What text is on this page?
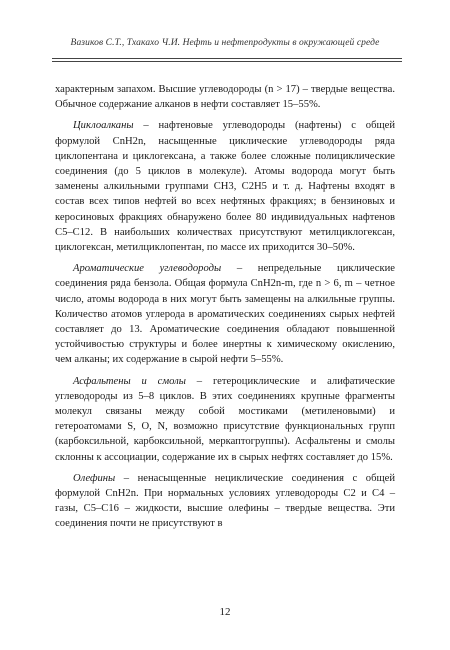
Вазиков С.Т., Тхакахо Ч.И. Нефть и нефтепродукты в окружающей среде

характерным запахом. Высшие углеводороды (n > 17) – твердые вещества. Обычное содержание алканов в нефти составляет 15–55%.

Циклоалканы – нафтеновые углеводороды (нафтены) с общей формулой CnH2n, насыщенные циклические углеводороды ряда циклопентана и циклогексана, а также более сложные полициклические соединения (до 5 циклов в молекуле). Атомы водорода могут быть заменены алкильными группами CH3, C2H5 и т. д. Нафтены входят в состав всех типов нефтей во всех нефтяных фракциях; в бензиновых и керосиновых фракциях обнаружено более 80 индивидуальных нафтенов C5–C12. В наибольших количествах присутствуют метилциклогексан, циклогексан, метилциклопентан, по массе их приходится 30–50%.

Ароматические углеводороды – непредельные циклические соединения ряда бензола. Общая формула CnH2n-m, где n > 6, m – четное число, атомы водорода в них могут быть замещены на алкильные группы. Количество атомов углерода в ароматических соединениях сырых нефтей составляет до 13. Ароматические соединения обладают повышенной устойчивостью структуры и более инертны к химическому окислению, чем алканы; их содержание в сырой нефти 5–55%.

Асфальтены и смолы – гетероциклические и алифатические углеводороды из 5–8 циклов. В этих соединениях крупные фрагменты молекул связаны между собой мостиками (метиленовыми) и гетероатомами S, O, N, возможно присутствие функциональных групп (карбоксильной, карбоксильной, меркаптогруппы). Асфальтены и смолы склонны к ассоциации, содержание их в сырых нефтях составляет до 15%.

Олефины – ненасыщенные нециклические соединения с общей формулой CnH2n. При нормальных условиях углеводороды C2 и C4 – газы, C5–C16 – жидкости, высшие олефины – твердые вещества. Эти соединения почти не присутствуют в

12
